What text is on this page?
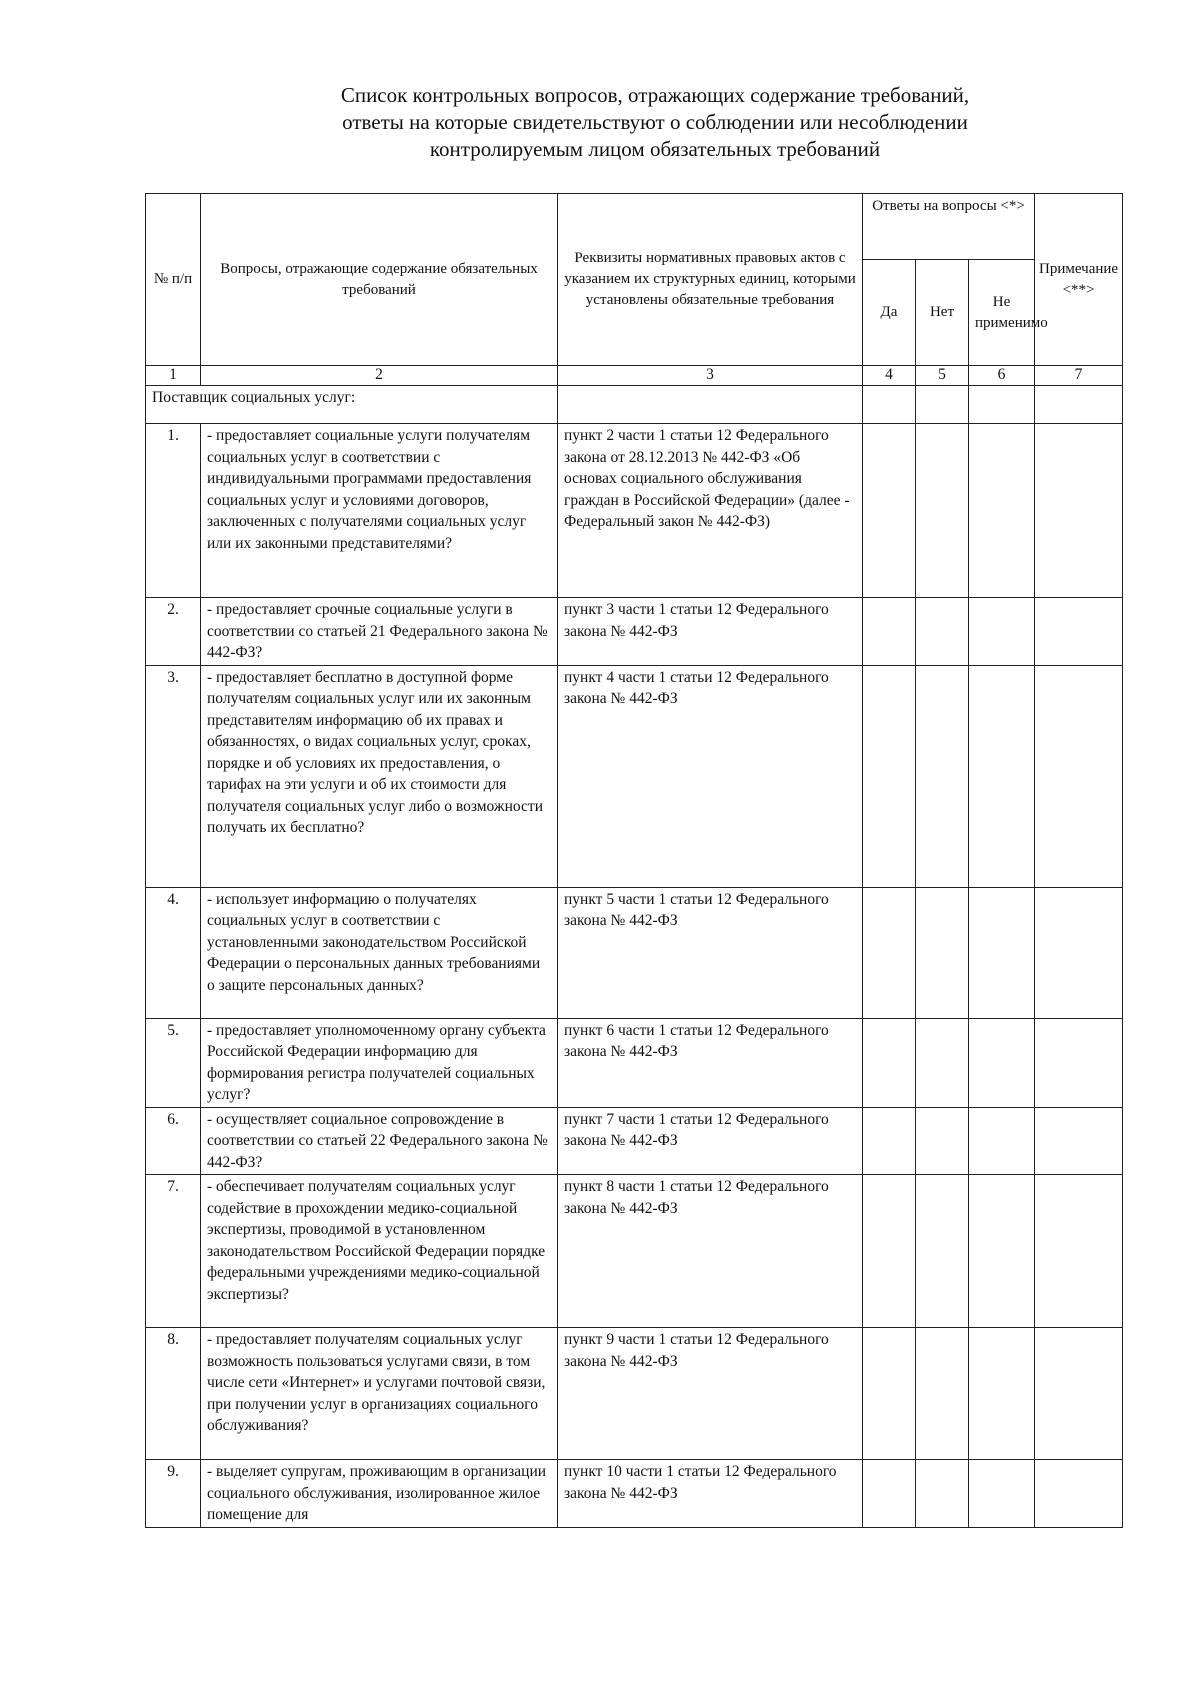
Список контрольных вопросов, отражающих содержание требований,
ответы на которые свидетельствуют о соблюдении или несоблюдении
контролируемым лицом обязательных требований
№ п/п	Вопросы, отражающие содержание обязательных требований	Реквизиты нормативных правовых актов с указанием их структурных единиц, которыми установлены обязательные требования	Ответы на вопросы <*>			Примечание <**>
			Да	Нет	Не применимо	
1	2	3	4	5	6	7
Поставщик социальных услуг:						
1.	- предоставляет социальные услуги получателям социальных услуг в соответствии с индивидуальными программами предоставления социальных услуг и условиями договоров, заключенных с получателями социальных услуг или их законными представителями?	пункт 2 части 1 статьи 12 Федерального закона от 28.12.2013 № 442-ФЗ «Об основах социального обслуживания граждан в Российской Федерации» (далее - Федеральный закон № 442-ФЗ)				
2.	- предоставляет срочные социальные услуги в соответствии со статьей 21 Федерального закона № 442-ФЗ?	пункт 3 части 1 статьи 12 Федерального закона № 442-ФЗ				
3.	- предоставляет бесплатно в доступной форме получателям социальных услуг или их законным представителям информацию об их правах и обязанностях, о видах социальных услуг, сроках, порядке и об условиях их предоставления, о тарифах на эти услуги и об их стоимости для получателя социальных услуг либо о возможности получать их бесплатно?	пункт 4 части 1 статьи 12 Федерального закона № 442-ФЗ				
4.	- использует информацию о получателях социальных услуг в соответствии с установленными законодательством Российской Федерации о персональных данных требованиями о защите персональных данных?	пункт 5 части 1 статьи 12 Федерального закона № 442-ФЗ				
5.	- предоставляет уполномоченному органу субъекта Российской Федерации информацию для формирования регистра получателей социальных услуг?	пункт 6 части 1 статьи 12 Федерального закона № 442-ФЗ				
6.	- осуществляет социальное сопровождение в соответствии со статьей 22 Федерального закона № 442-ФЗ?	пункт 7 части 1 статьи 12 Федерального закона № 442-ФЗ				
7.	- обеспечивает получателям социальных услуг содействие в прохождении медико-социальной экспертизы, проводимой в установленном законодательством Российской Федерации порядке федеральными учреждениями медико-социальной экспертизы?	пункт 8 части 1 статьи 12 Федерального закона № 442-ФЗ				
8.	- предоставляет получателям социальных услуг возможность пользоваться услугами связи, в том числе сети «Интернет» и услугами почтовой связи, при получении услуг в организациях социального обслуживания?	пункт 9 части 1 статьи 12 Федерального закона № 442-ФЗ				
9.	- выделяет супругам, проживающим в организации социального обслуживания, изолированное жилое помещение для	пункт 10 части 1 статьи 12 Федерального закона № 442-ФЗ				
